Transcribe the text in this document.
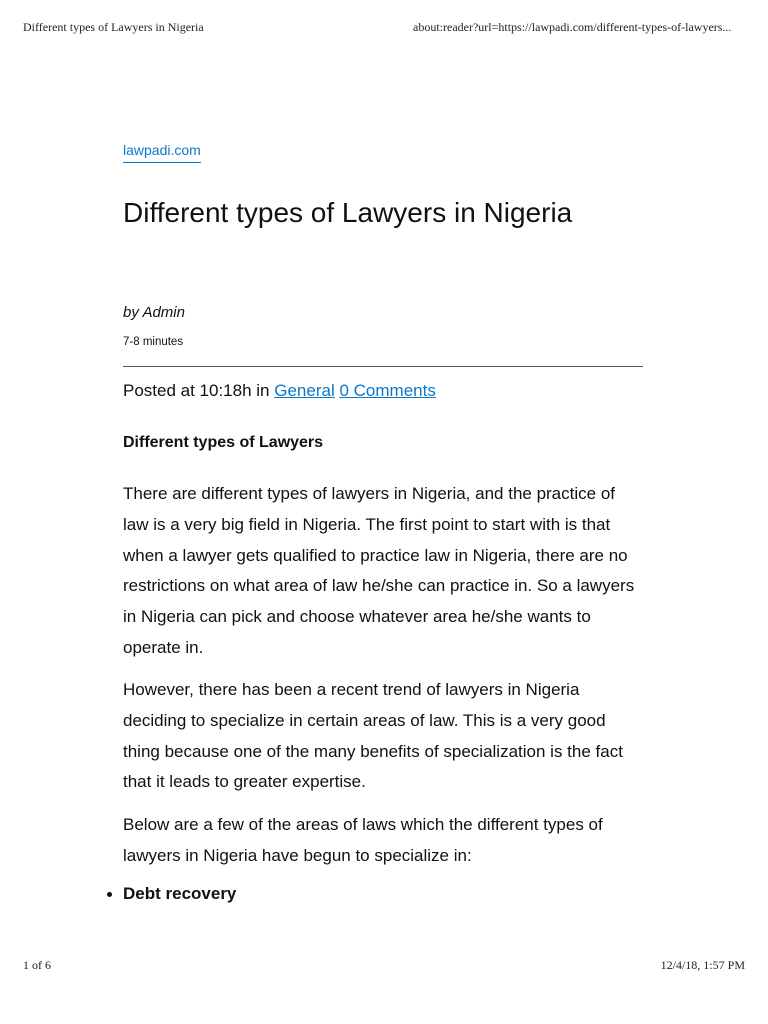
Different types of Lawyers in Nigeria	about:reader?url=https://lawpadi.com/different-types-of-lawyers...
lawpadi.com
Different types of Lawyers in Nigeria
by Admin
7-8 minutes
Posted at 10:18h in General 0 Comments
Different types of Lawyers

There are different types of lawyers in Nigeria, and the practice of law is a very big field in Nigeria. The first point to start with is that when a lawyer gets qualified to practice law in Nigeria, there are no restrictions on what area of law he/she can practice in. So a lawyers in Nigeria can pick and choose whatever area he/she wants to operate in.

However, there has been a recent trend of lawyers in Nigeria deciding to specialize in certain areas of law. This is a very good thing because one of the many benefits of specialization is the fact that it leads to greater expertise.

Below are a few of the areas of laws which the different types of lawyers in Nigeria have begun to specialize in:

Debt recovery
1 of 6	12/4/18, 1:57 PM
